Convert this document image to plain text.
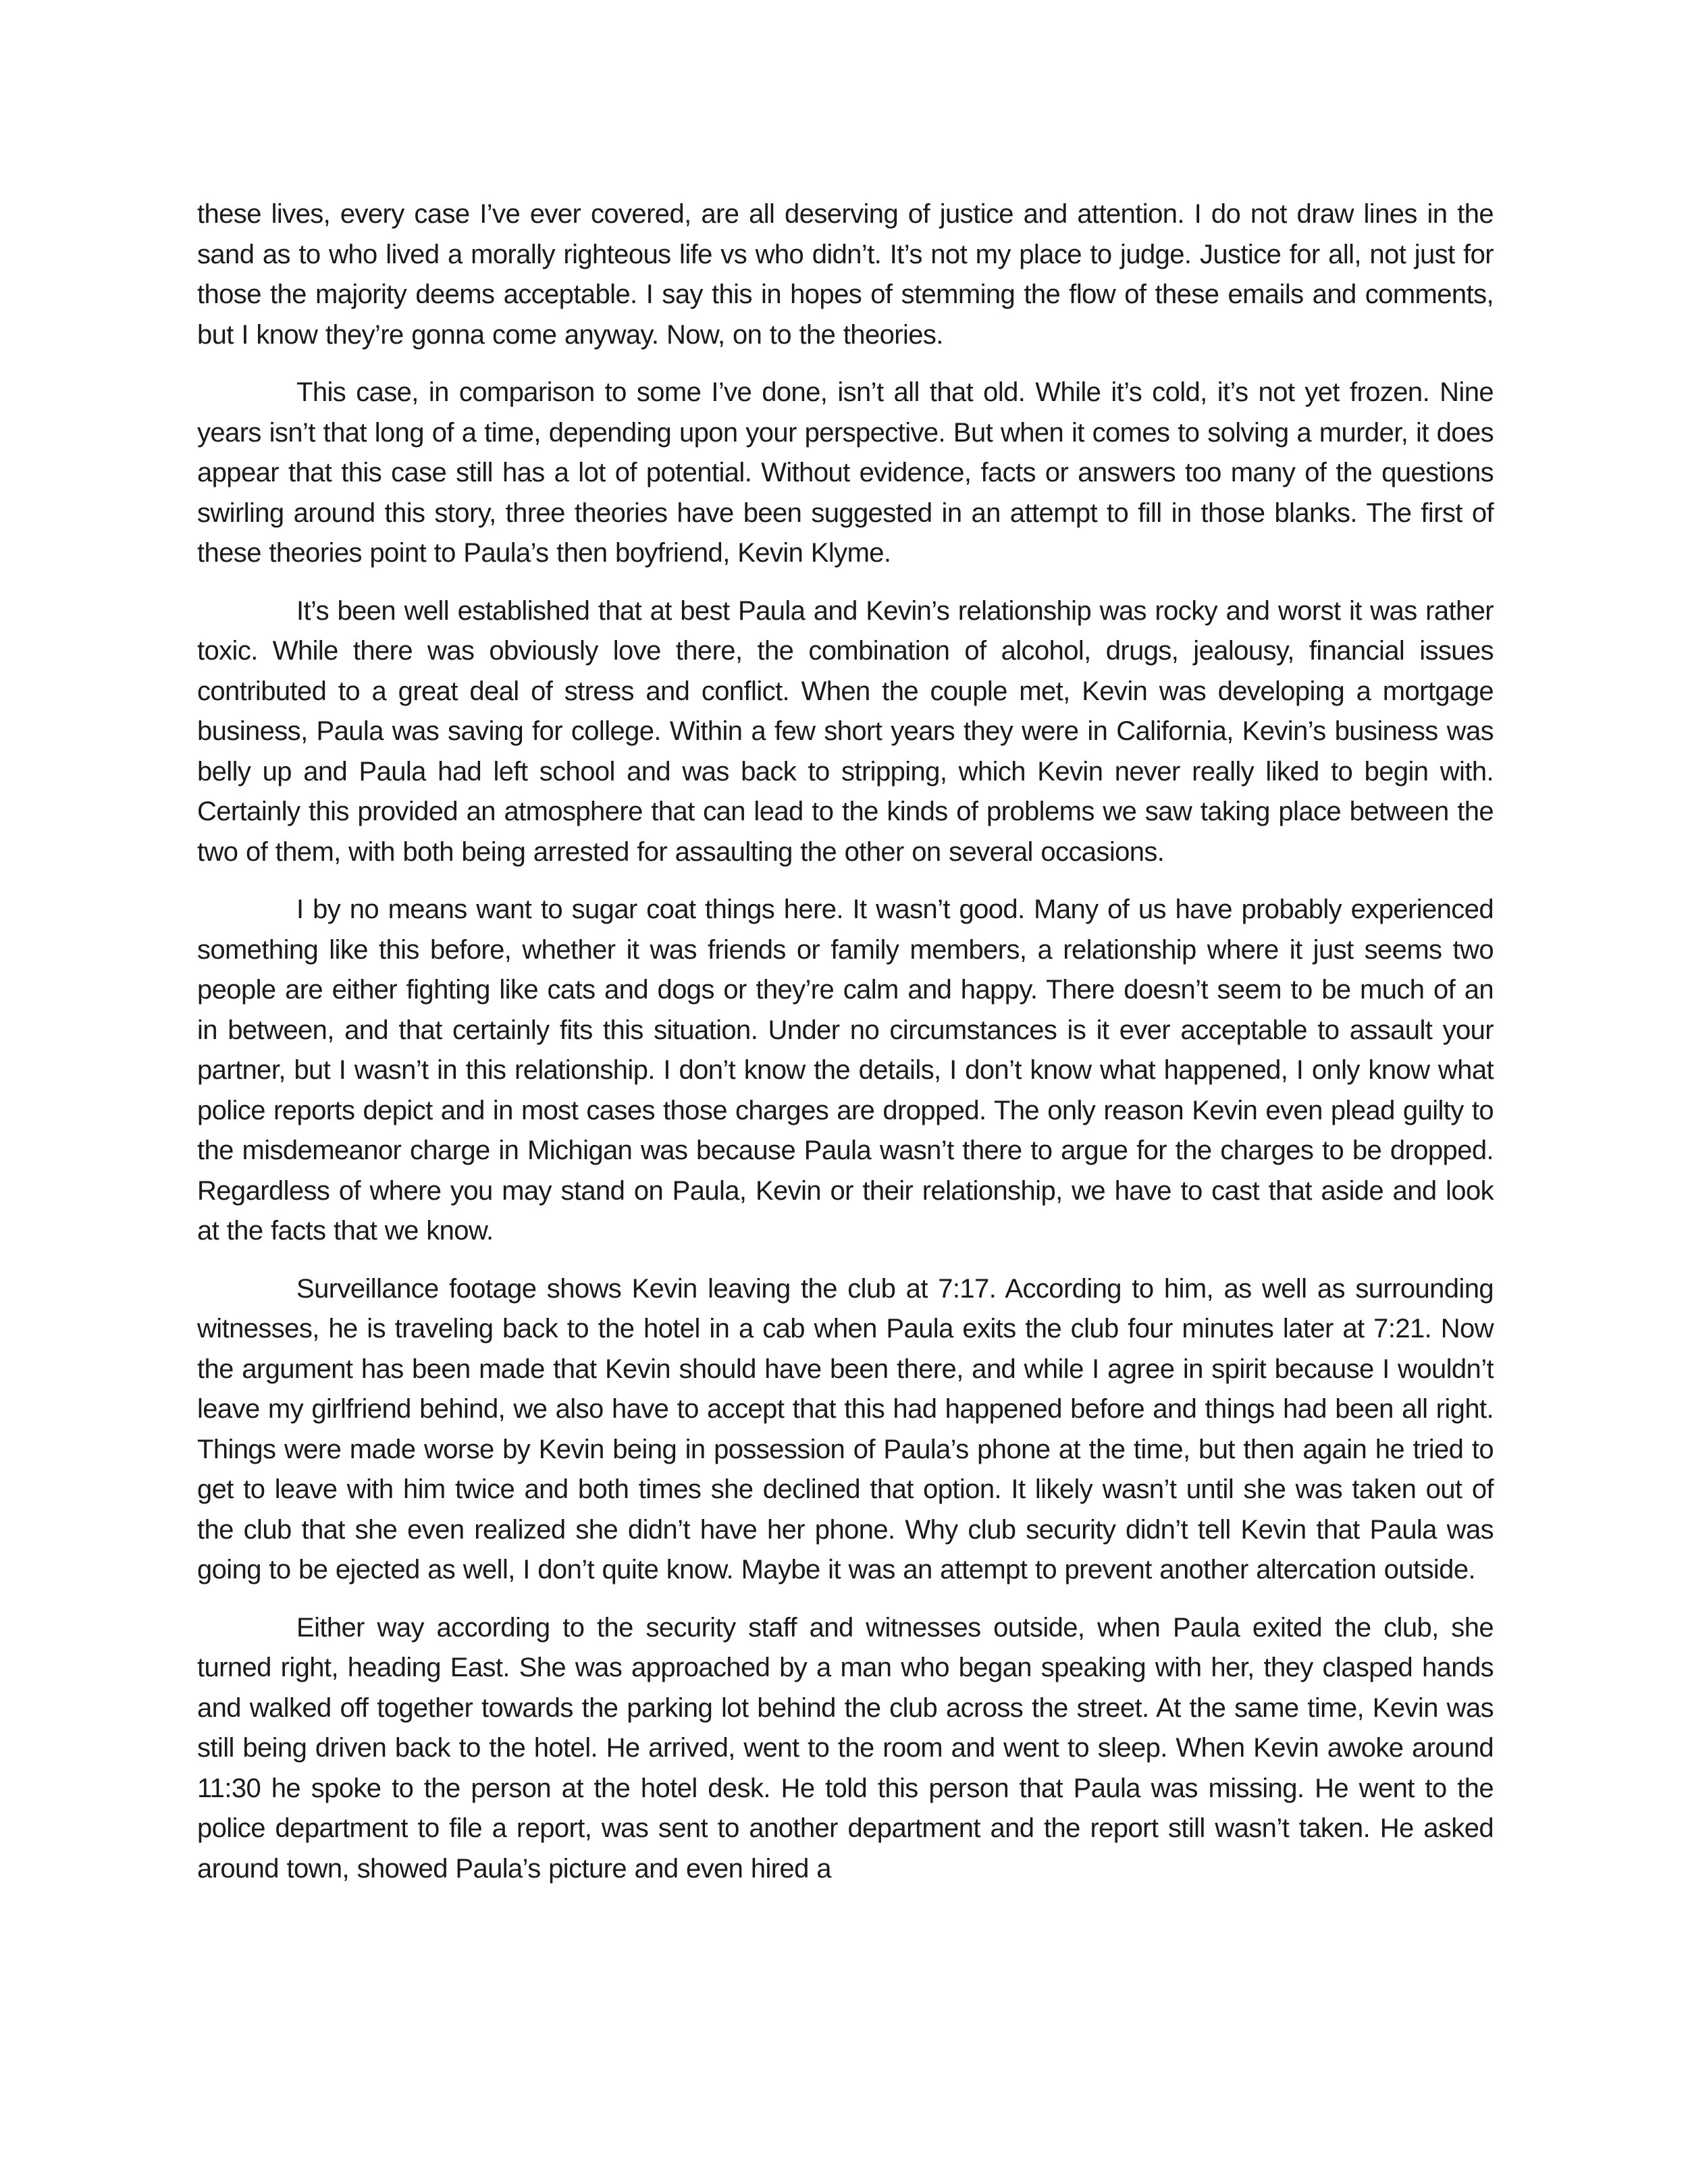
these lives, every case I’ve ever covered, are all deserving of justice and attention. I do not draw lines in the sand as to who lived a morally righteous life vs who didn’t. It’s not my place to judge. Justice for all, not just for those the majority deems acceptable. I say this in hopes of stemming the flow of these emails and comments, but I know they’re gonna come anyway. Now, on to the theories.

This case, in comparison to some I’ve done, isn’t all that old. While it’s cold, it’s not yet frozen. Nine years isn’t that long of a time, depending upon your perspective. But when it comes to solving a murder, it does appear that this case still has a lot of potential. Without evidence, facts or answers too many of the questions swirling around this story, three theories have been suggested in an attempt to fill in those blanks. The first of these theories point to Paula’s then boyfriend, Kevin Klyme.

It’s been well established that at best Paula and Kevin’s relationship was rocky and worst it was rather toxic. While there was obviously love there, the combination of alcohol, drugs, jealousy, financial issues contributed to a great deal of stress and conflict. When the couple met, Kevin was developing a mortgage business, Paula was saving for college. Within a few short years they were in California, Kevin’s business was belly up and Paula had left school and was back to stripping, which Kevin never really liked to begin with. Certainly this provided an atmosphere that can lead to the kinds of problems we saw taking place between the two of them, with both being arrested for assaulting the other on several occasions.

I by no means want to sugar coat things here. It wasn’t good. Many of us have probably experienced something like this before, whether it was friends or family members, a relationship where it just seems two people are either fighting like cats and dogs or they’re calm and happy. There doesn’t seem to be much of an in between, and that certainly fits this situation. Under no circumstances is it ever acceptable to assault your partner, but I wasn’t in this relationship. I don’t know the details, I don’t know what happened, I only know what police reports depict and in most cases those charges are dropped. The only reason Kevin even plead guilty to the misdemeanor charge in Michigan was because Paula wasn’t there to argue for the charges to be dropped. Regardless of where you may stand on Paula, Kevin or their relationship, we have to cast that aside and look at the facts that we know.

Surveillance footage shows Kevin leaving the club at 7:17. According to him, as well as surrounding witnesses, he is traveling back to the hotel in a cab when Paula exits the club four minutes later at 7:21. Now the argument has been made that Kevin should have been there, and while I agree in spirit because I wouldn’t leave my girlfriend behind, we also have to accept that this had happened before and things had been all right. Things were made worse by Kevin being in possession of Paula’s phone at the time, but then again he tried to get to leave with him twice and both times she declined that option. It likely wasn’t until she was taken out of the club that she even realized she didn’t have her phone. Why club security didn’t tell Kevin that Paula was going to be ejected as well, I don’t quite know. Maybe it was an attempt to prevent another altercation outside.

Either way according to the security staff and witnesses outside, when Paula exited the club, she turned right, heading East. She was approached by a man who began speaking with her, they clasped hands and walked off together towards the parking lot behind the club across the street. At the same time, Kevin was still being driven back to the hotel. He arrived, went to the room and went to sleep. When Kevin awoke around 11:30 he spoke to the person at the hotel desk. He told this person that Paula was missing. He went to the police department to file a report, was sent to another department and the report still wasn’t taken. He asked around town, showed Paula’s picture and even hired a
